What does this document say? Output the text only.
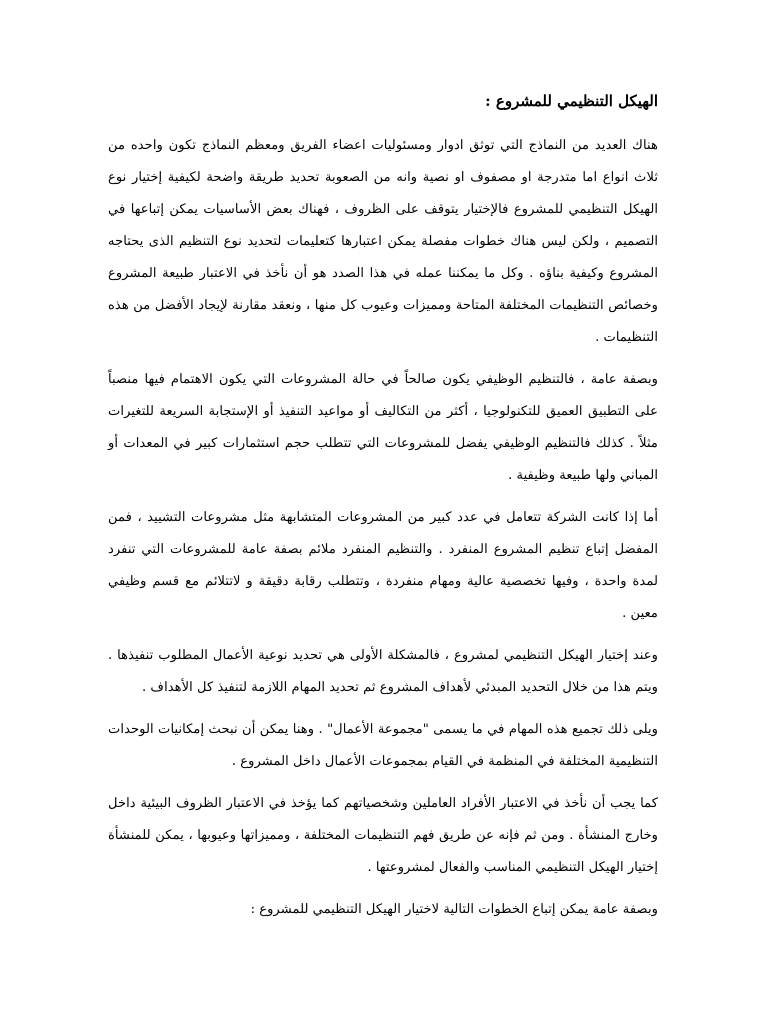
الهيكل التنظيمي للمشروع :

هناك العديد من النماذج التي توثق ادوار ومسئوليات اعضاء الفريق ومعظم النماذج تكون واحده من ثلاث انواع اما متدرجة او مصفوف او نصية وانه من الصعوبة تحديد طريقة واضحة لكيفية إختيار نوع الهيكل التنظيمي للمشروع فالإختيار يتوقف على الظروف ، فهناك بعض الأساسيات يمكن إتباعها في التصميم ، ولكن ليس هناك خطوات مفصلة يمكن اعتبارها كتعليمات لتحديد نوع التنظيم الذى يحتاجه المشروع وكيفية بناؤه . وكل ما يمكننا عمله في هذا الصدد هو أن نأخذ في الاعتبار طبيعة المشروع وخصائص التنظيمات المختلفة المتاحة ومميزات وعيوب كل منها ، ونعقد مقارنة لإيجاد الأفضل من هذه التنظيمات .

وبصفة عامة ، فالتنظيم الوظيفي يكون صالحاً في حالة المشروعات التي يكون الاهتمام فيها منصباً على التطبيق العميق للتكنولوجيا ، أكثر من التكاليف أو مواعيد التنفيذ أو الإستجابة السريعة للتغيرات مثلاً . كذلك فالتنظيم الوظيفي يفضل للمشروعات التي تتطلب حجم استثمارات كبير في المعدات أو المباني ولها طبيعة وظيفية .

أما إذا كانت الشركة تتعامل في عدد كبير من المشروعات المتشابهة مثل مشروعات التشييد ، فمن المفضل إتباع تنظيم المشروع المنفرد . والتنظيم المنفرد ملائم بصفة عامة للمشروعات التي تنفرد لمدة واحدة ، وفيها تخصصية عالية ومهام منفردة ، وتتطلب رقابة دقيقة و لاتتلائم مع قسم وظيفي معين .

وعند إختيار الهيكل التنظيمي لمشروع ، فالمشكلة الأولى هي تحديد نوعية الأعمال المطلوب تنفيذها . ويتم هذا من خلال التحديد المبدئي لأهداف المشروع ثم تحديد المهام اللازمة لتنفيذ كل الأهداف .

ويلى ذلك تجميع هذه المهام في ما يسمى "مجموعة الأعمال" . وهنا يمكن أن نبحث إمكانيات الوحدات التنظيمية المختلفة في المنظمة في القيام بمجموعات الأعمال داخل المشروع .

كما يجب أن نأخذ في الاعتبار الأفراد العاملين وشخصياتهم كما يؤخذ في الاعتبار الظروف البيئية داخل وخارج المنشأة . ومن ثم فإنه عن طريق فهم التنظيمات المختلفة ، ومميزاتها وعيوبها ، يمكن للمنشأة إختيار الهيكل التنظيمي المناسب والفعال لمشروعتها .

وبصفة عامة يمكن إتباع الخطوات التالية لاختيار الهيكل التنظيمي للمشروع :
